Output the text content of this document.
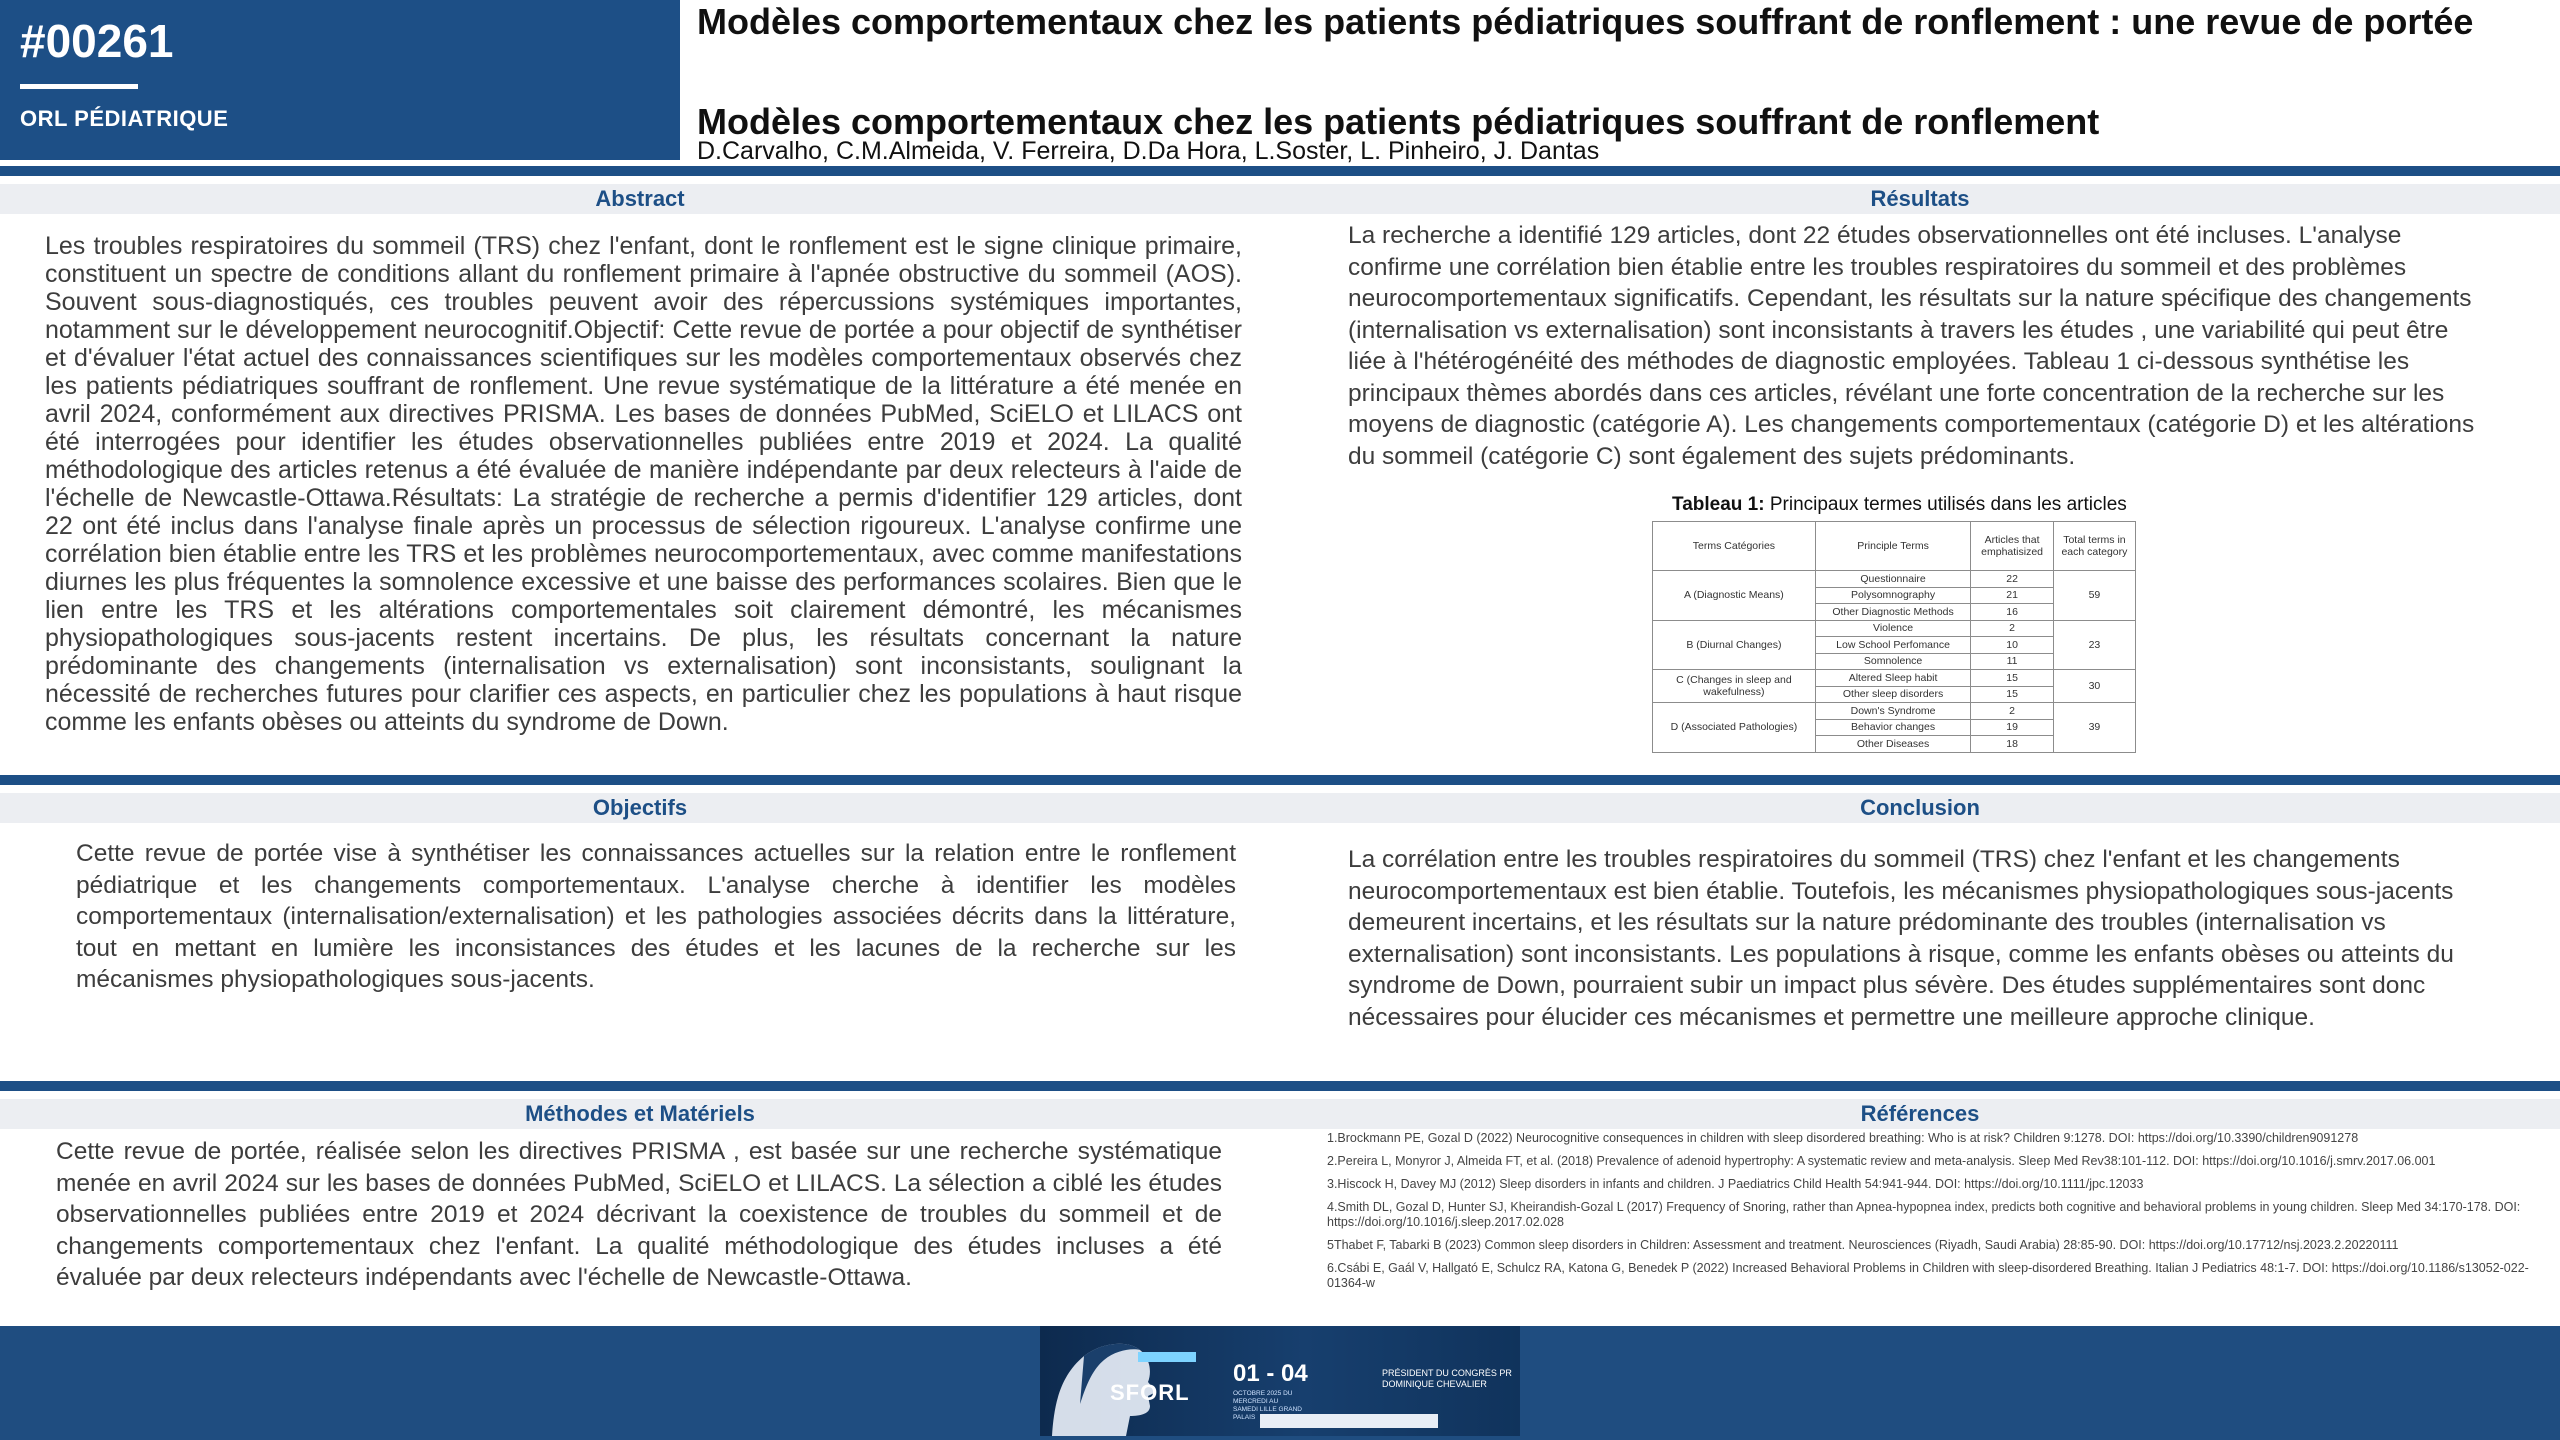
#00261
ORL PÉDIATRIQUE
Modèles comportementaux chez les patients pédiatriques souffrant de ronflement : une revue de portée
Modèles comportementaux chez les patients pédiatriques souffrant de ronflement
D.Carvalho, C.M.Almeida, V. Ferreira, D.Da Hora, L.Soster, L. Pinheiro, J. Dantas
Abstract	Résultats
Objectifs	Conclusion
Méthodes et Matériels	Références

Les troubles respiratoires du sommeil (TRS) chez l'enfant, dont le ronflement est le signe clinique primaire, constituent un spectre de conditions allant du ronflement primaire à l'apnée obstructive du sommeil (AOS). Souvent sous-diagnostiqués, ces troubles peuvent avoir des répercussions systémiques importantes, notamment sur le développement neurocognitif.Objectif: Cette revue de portée a pour objectif de synthétiser et d'évaluer l'état actuel des connaissances scientifiques sur les modèles comportementaux observés chez les patients pédiatriques souffrant de ronflement. Une revue systématique de la littérature a été menée en avril 2024, conformément aux directives PRISMA. Les bases de données PubMed, SciELO et LILACS ont été interrogées pour identifier les études observationnelles publiées entre 2019 et 2024. La qualité méthodologique des articles retenus a été évaluée de manière indépendante par deux relecteurs à l'aide de l'échelle de Newcastle-Ottawa.Résultats: La stratégie de recherche a permis d'identifier 129 articles, dont 22 ont été inclus dans l'analyse finale après un processus de sélection rigoureux. L'analyse confirme une corrélation bien établie entre les TRS et les problèmes neurocomportementaux, avec comme manifestations diurnes les plus fréquentes la somnolence excessive et une baisse des performances scolaires. Bien que le lien entre les TRS et les altérations comportementales soit clairement démontré, les mécanismes physiopathologiques sous-jacents restent incertains. De plus, les résultats concernant la nature prédominante des changements (internalisation vs externalisation) sont inconsistants, soulignant la nécessité de recherches futures pour clarifier ces aspects, en particulier chez les populations à haut risque comme les enfants obèses ou atteints du syndrome de Down.

La recherche a identifié 129 articles, dont 22 études observationnelles ont été incluses. L'analyse confirme une corrélation bien établie entre les troubles respiratoires du sommeil et des problèmes neurocomportementaux significatifs. Cependant, les résultats sur la nature spécifique des changements (internalisation vs externalisation) sont inconsistants à travers les études , une variabilité qui peut être liée à l'hétérogénéité des méthodes de diagnostic employées. Tableau 1 ci-dessous synthétise les principaux thèmes abordés dans ces articles, révélant une forte concentration de la recherche sur les moyens de diagnostic (catégorie A). Les changements comportementaux (catégorie D) et les altérations du sommeil (catégorie C) sont également des sujets prédominants.

Cette revue de portée vise à synthétiser les connaissances actuelles sur la relation entre le ronflement pédiatrique et les changements comportementaux. L'analyse cherche à identifier les modèles comportementaux (internalisation/externalisation) et les pathologies associées décrits dans la littérature, tout en mettant en lumière les inconsistances des études et les lacunes de la recherche sur les mécanismes physiopathologiques sous-jacents.

La corrélation entre les troubles respiratoires du sommeil (TRS) chez l'enfant et les changements neurocomportementaux est bien établie. Toutefois, les mécanismes physiopathologiques sous-jacents demeurent incertains, et les résultats sur la nature prédominante des troubles (internalisation vs externalisation) sont inconsistants. Les populations à risque, comme les enfants obèses ou atteints du syndrome de Down, pourraient subir un impact plus sévère. Des études supplémentaires sont donc nécessaires pour élucider ces mécanismes et permettre une meilleure approche clinique.

Cette revue de portée, réalisée selon les directives PRISMA , est basée sur une recherche systématique menée en avril 2024 sur les bases de données PubMed, SciELO et LILACS. La sélection a ciblé les études observationnelles publiées entre 2019 et 2024 décrivant la coexistence de troubles du sommeil et de changements comportementaux chez l'enfant. La qualité méthodologique des études incluses a été évaluée par deux relecteurs indépendants avec l'échelle de Newcastle-Ottawa.

Tableau 1: Principaux termes utilisés dans les articles
Terms Catégories	Principle Terms	Articles that emphatisized	Total terms in each category
A (Diagnostic Means)	Questionnaire	22	59
	Polysomnography	21	
	Other Diagnostic Methods	16	
B (Diurnal Changes)	Violence	2	23
	Low School Perfomance	10	
	Somnolence	11	
C (Changes in sleep and wakefulness)	Altered Sleep habit	15	30
	Other sleep disorders	15	
D (Associated Pathologies)	Down's Syndrome	2	39
	Behavior changes	19	
	Other Diseases	18	

1.Brockmann PE, Gozal D (2022) Neurocognitive consequences in children with sleep disordered breathing: Who is at risk? Children 9:1278. DOI: https://doi.org/10.3390/children9091278

2.Pereira L, Monyror J, Almeida FT, et al. (2018) Prevalence of adenoid hypertrophy: A systematic review and meta-analysis. Sleep Med Rev38:101-112. DOI: https://doi.org/10.1016/j.smrv.2017.06.001

3.Hiscock H, Davey MJ (2012) Sleep disorders in infants and children. J Paediatrics Child Health 54:941-944. DOI: https://doi.org/10.1111/jpc.12033

4.Smith DL, Gozal D, Hunter SJ, Kheirandish-Gozal L (2017) Frequency of Snoring, rather than Apnea-hypopnea index, predicts both cognitive and behavioral problems in young children. Sleep Med 34:170-178. DOI: https://doi.org/10.1016/j.sleep.2017.02.028

5Thabet F, Tabarki B (2023) Common sleep disorders in Children: Assessment and treatment. Neurosciences (Riyadh, Saudi Arabia) 28:85-90. DOI: https://doi.org/10.17712/nsj.2023.2.20220111

6.Csábi E, Gaál V, Hallgató E, Schulcz RA, Katona G, Benedek P (2022) Increased Behavioral Problems in Children with sleep-disordered Breathing. Italian J Pediatrics 48:1-7. DOI: https://doi.org/10.1186/s13052-022-01364-w

SFORL
01 - 04
OCTOBRE 2025 DU MERCREDI AU SAMEDI LILLE GRAND PALAIS
PRÉSIDENT DU CONGRÈS PR DOMINIQUE CHEVALIER
